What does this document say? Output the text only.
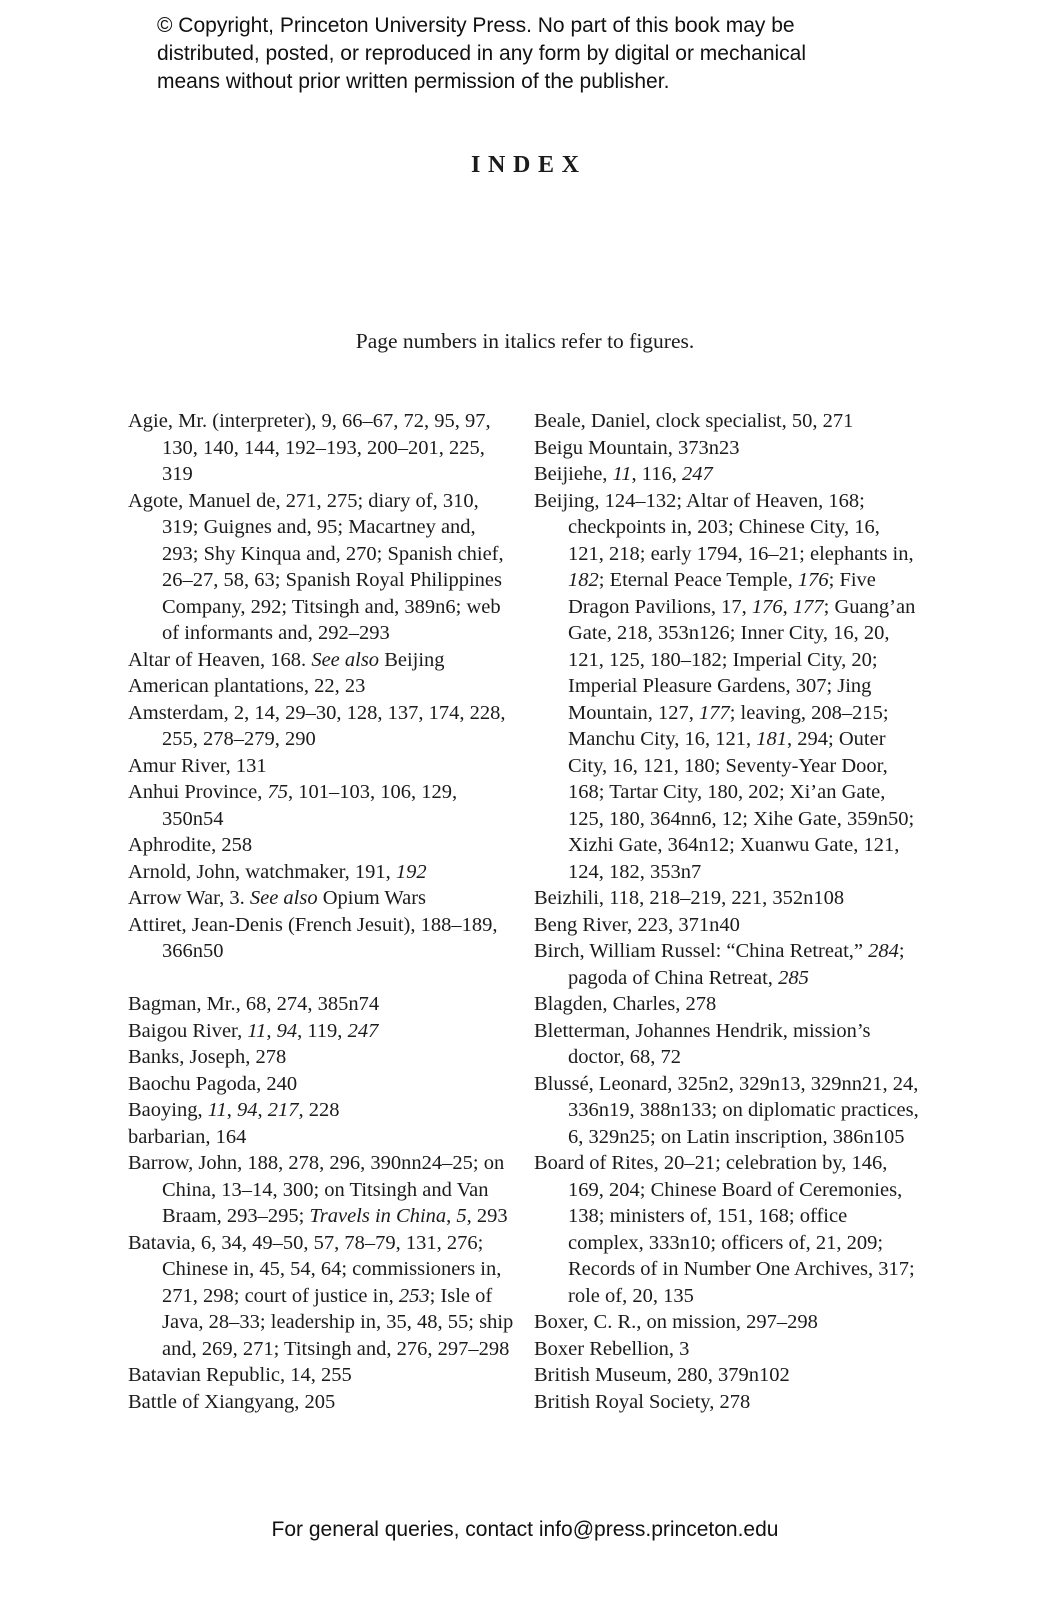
© Copyright, Princeton University Press. No part of this book may be
distributed, posted, or reproduced in any form by digital or mechanical
means without prior written permission of the publisher.
INDEX
Page numbers in italics refer to figures.
Agie, Mr. (interpreter), 9, 66–67, 72, 95, 97, 130, 140, 144, 192–193, 200–201, 225, 319
Agote, Manuel de, 271, 275; diary of, 310, 319; Guignes and, 95; Macartney and, 293; Shy Kinqua and, 270; Spanish chief, 26–27, 58, 63; Spanish Royal Philippines Company, 292; Titsingh and, 389n6; web of informants and, 292–293
Altar of Heaven, 168. See also Beijing
American plantations, 22, 23
Amsterdam, 2, 14, 29–30, 128, 137, 174, 228, 255, 278–279, 290
Amur River, 131
Anhui Province, 75, 101–103, 106, 129, 350n54
Aphrodite, 258
Arnold, John, watchmaker, 191, 192
Arrow War, 3. See also Opium Wars
Attiret, Jean-Denis (French Jesuit), 188–189, 366n50
Bagman, Mr., 68, 274, 385n74
Baigou River, 11, 94, 119, 247
Banks, Joseph, 278
Baochu Pagoda, 240
Baoying, 11, 94, 217, 228
barbarian, 164
Barrow, John, 188, 278, 296, 390nn24–25; on China, 13–14, 300; on Titsingh and Van Braam, 293–295; Travels in China, 5, 293
Batavia, 6, 34, 49–50, 57, 78–79, 131, 276; Chinese in, 45, 54, 64; commissioners in, 271, 298; court of justice in, 253; Isle of Java, 28–33; leadership in, 35, 48, 55; ship and, 269, 271; Titsingh and, 276, 297–298
Batavian Republic, 14, 255
Battle of Xiangyang, 205
Beale, Daniel, clock specialist, 50, 271
Beigu Mountain, 373n23
Beijiehe, 11, 116, 247
Beijing, 124–132; Altar of Heaven, 168; checkpoints in, 203; Chinese City, 16, 121, 218; early 1794, 16–21; elephants in, 182; Eternal Peace Temple, 176; Five Dragon Pavilions, 17, 176, 177; Guang’an Gate, 218, 353n126; Inner City, 16, 20, 121, 125, 180–182; Imperial City, 20; Imperial Pleasure Gardens, 307; Jing Mountain, 127, 177; leaving, 208–215; Manchu City, 16, 121, 181, 294; Outer City, 16, 121, 180; Seventy-Year Door, 168; Tartar City, 180, 202; Xi’an Gate, 125, 180, 364nn6, 12; Xihe Gate, 359n50; Xizhi Gate, 364n12; Xuanwu Gate, 121, 124, 182, 353n7
Beizhili, 118, 218–219, 221, 352n108
Beng River, 223, 371n40
Birch, William Russel: “China Retreat,” 284; pagoda of China Retreat, 285
Blagden, Charles, 278
Bletterman, Johannes Hendrik, mission’s doctor, 68, 72
Blussé, Leonard, 325n2, 329n13, 329nn21, 24, 336n19, 388n133; on diplomatic practices, 6, 329n25; on Latin inscription, 386n105
Board of Rites, 20–21; celebration by, 146, 169, 204; Chinese Board of Ceremonies, 138; ministers of, 151, 168; office complex, 333n10; officers of, 21, 209; Records of in Number One Archives, 317; role of, 20, 135
Boxer, C. R., on mission, 297–298
Boxer Rebellion, 3
British Museum, 280, 379n102
British Royal Society, 278
For general queries, contact info@press.princeton.edu
